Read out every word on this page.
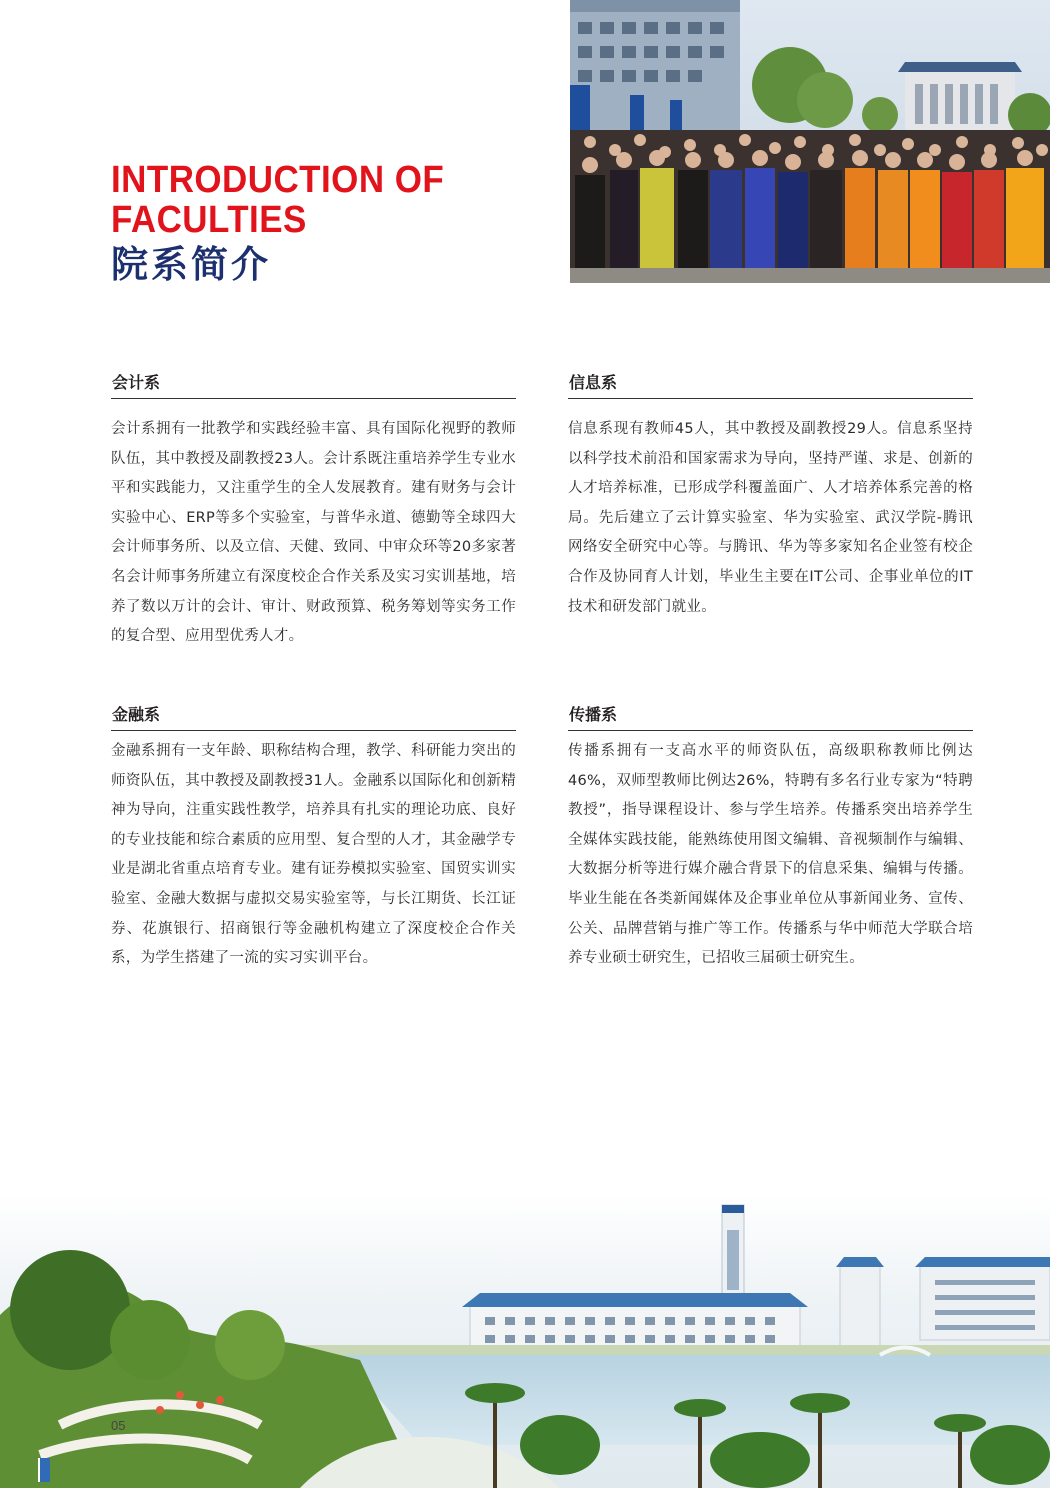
INTRODUCTION OF
FACULTIES
院系简介
会计系
会计系拥有一批教学和实践经验丰富、具有国际化视野的教师队伍，其中教授及副教授23人。会计系既注重培养学生专业水平和实践能力，又注重学生的全人发展教育。建有财务与会计实验中心、ERP等多个实验室，与普华永道、德勤等全球四大会计师事务所、以及立信、天健、致同、中审众环等20多家著名会计师事务所建立有深度校企合作关系及实习实训基地，培养了数以万计的会计、审计、财政预算、税务筹划等实务工作的复合型、应用型优秀人才。
信息系
信息系现有教师45人，其中教授及副教授29人。信息系坚持以科学技术前沿和国家需求为导向，坚持严谨、求是、创新的人才培养标准，已形成学科覆盖面广、人才培养体系完善的格局。先后建立了云计算实验室、华为实验室、武汉学院-腾讯网络安全研究中心等。与腾讯、华为等多家知名企业签有校企合作及协同育人计划，毕业生主要在IT公司、企事业单位的IT技术和研发部门就业。
金融系
金融系拥有一支年龄、职称结构合理，教学、科研能力突出的师资队伍，其中教授及副教授31人。金融系以国际化和创新精神为导向，注重实践性教学，培养具有扎实的理论功底、良好的专业技能和综合素质的应用型、复合型的人才，其金融学专业是湖北省重点培育专业。建有证券模拟实验室、国贸实训实验室、金融大数据与虚拟交易实验室等，与长江期货、长江证券、花旗银行、招商银行等金融机构建立了深度校企合作关系，为学生搭建了一流的实习实训平台。
传播系
传播系拥有一支高水平的师资队伍，高级职称教师比例达46%，双师型教师比例达26%，特聘有多名行业专家为“特聘教授”，指导课程设计、参与学生培养。传播系突出培养学生全媒体实践技能，能熟练使用图文编辑、音视频制作与编辑、大数据分析等进行媒介融合背景下的信息采集、编辑与传播。毕业生能在各类新闻媒体及企事业单位从事新闻业务、宣传、公关、品牌营销与推广等工作。传播系与华中师范大学联合培养专业硕士研究生，已招收三届硕士研究生。
05
